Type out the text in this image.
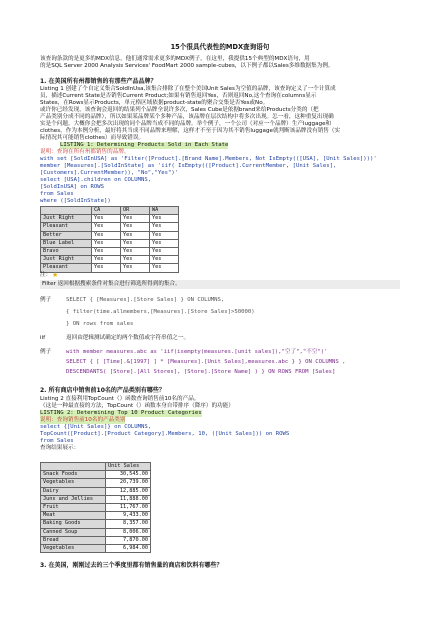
15个很具代表性的MDX查询语句
该查询条款的是更多的MDX信息，他们通常需求更多的MDX例子，在这里，我提供15个典型的MDX语句，用
的是SQL Server 2000 Analysis Services' FoodMart 2000 sample-cubes，以下例子都以Sales多维数据集为例。
1. 在美国所有州都销售的有那些产品品牌？
Listing 1 创建了个自定义集合SoldInUsa,该集合排除了在整个美国Unit Sales为空值的品牌，该查询定义了一个计算成
员，描述Current State是否销售Current Product;如果有销售返回Yes，否则返回No,这个查询在columns显示
States，在Rows显示Products，单元格区域依据product-state的聚合交集是否Yes或No。
或许你已经发现，该查询会返回的结果列个品牌全说许多次，Sales Cube是依据brand来给Products分类的（把
产品类别分成不同的品牌），所以如果某品牌某个多种产品，该品牌在层次结构中将多次出现。怎一看，这种重复出现确
实是个问题。大概你会把多次出现的同个品牌当成不同的品牌。举个例子，一个公司（对应一个品牌）生产luggage和
clothes，作为本例分析，最好将其当成不同品牌来理解，这样才不至于因为其不销售luggage就判断该品牌没有销售（实
际情况其可能销售clothes）而导致错误。
LISTING 1: Determining Products Sold in Each State
说明：查询在所有州都销售的品牌。
with set [SoldInUSA] as 'Filter([Product].[Brand Name].Members, Not IsEmpty(([USA], [Unit Sales])))'
member [Measures].[SoldInState] as 'iif( IsEmpty(([Product].CurrentMember, [Unit Sales],
[Customers].CurrentMember)), "No","Yes")'
select [USA].children on COLUMNS,
[SoldInUSA] on ROWS
from Sales
where ([SoldInState])
	CA	OR	WA
Just Right	Yes	Yes	Yes
Pleasant	Yes	Yes	Yes
Better	Yes	Yes	Yes
Blue Label	Yes	Yes	Yes
Bravo	Yes	Yes	Yes
Just Right	Yes	Yes	Yes
Pleasant	Yes	Yes	Yes
注： ★
Filter 返回根据搜索条件对集合进行筛选所得到的集合。
例子	SELECT { [Measures].[Store Sales] } ON COLUMNS,
{ filter(time.allmembers,[Measures].[Store Sales]>50000)
} ON rows from sales
iif	返回由逻辑测试确定的两个数值或字符串值之一。
例子	with member measures.abc as 'iif(isempty(measures.[unit sales]),"空了","不空")'
SELECT { [ [Time].&[1997] ] * [Measures].[Unit Sales],measures.abc } } ON COLUMNS ,
DESCENDANTS( [Store].[All Stores], [Store].[Store Name] ) } ON ROWS FROM [Sales]
2. 所有商店中销售前10名的产品类别有哪些？
Listing 2 直接利用TopCount（）函数查询销售前10名的产品。
（这是一种最直接的方法，TopCount（）函数本身自带排序（降序）的功能）
LISTING 2: Determining Top 10 Product Categories
说明：查询销售前10名的产品类别
select {[Unit Sales]} on COLUMNS,
TopCount([Product].[Product Category].Members, 10, ([Unit Sales])) on ROWS
from Sales
查询结果展示：
	Unit Sales
Snack Foods	30,545.00
Vegetables	20,739.00
Dairy	12,885.00
Juns and Jellies	11,888.00
Fruit	11,767.00
Meat	9,433.00
Baking Goods	8,357.00
Canned Soup	8,006.00
Bread	7,870.00
Vegetables	6,984.00
3. 在美国，刚刚过去的三个季度里都有销售量的商店和饮料有哪些？
